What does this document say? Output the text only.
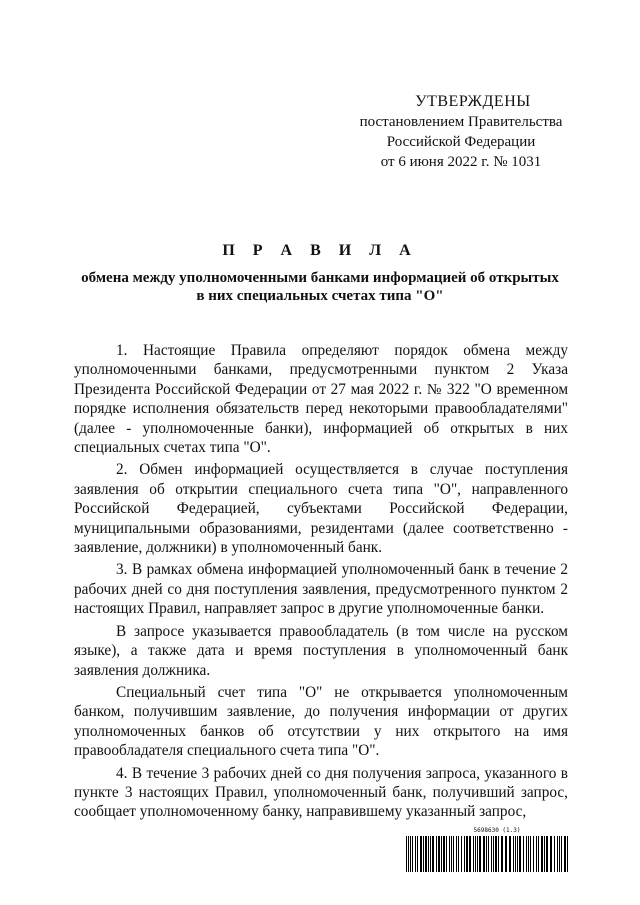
УТВЕРЖДЕНЫ
постановлением Правительства
Российской Федерации
от 6 июня 2022 г. № 1031
П Р А В И Л А
обмена между уполномоченными банками информацией об открытых
в них специальных счетах типа "О"

1. Настоящие Правила определяют порядок обмена между уполномоченными банками, предусмотренными пунктом 2 Указа Президента Российской Федерации от 27 мая 2022 г. № 322 "О временном порядке исполнения обязательств перед некоторыми правообладателями" (далее - уполномоченные банки), информацией об открытых в них специальных счетах типа "О".

2. Обмен информацией осуществляется в случае поступления заявления об открытии специального счета типа "О", направленного Российской Федерацией, субъектами Российской Федерации, муниципальными образованиями, резидентами (далее соответственно - заявление, должники) в уполномоченный банк.

3. В рамках обмена информацией уполномоченный банк в течение 2 рабочих дней со дня поступления заявления, предусмотренного пунктом 2 настоящих Правил, направляет запрос в другие уполномоченные банки.

В запросе указывается правообладатель (в том числе на русском языке), а также дата и время поступления в уполномоченный банк заявления должника.

Специальный счет типа "О" не открывается уполномоченным банком, получившим заявление, до получения информации от других уполномоченных банков об отсутствии у них открытого на имя правообладателя специального счета типа "О".

4. В течение 3 рабочих дней со дня получения запроса, указанного в пункте 3 настоящих Правил, уполномоченный банк, получивший запрос, сообщает уполномоченному банку, направившему указанный запрос,

5698630 (1.3)
